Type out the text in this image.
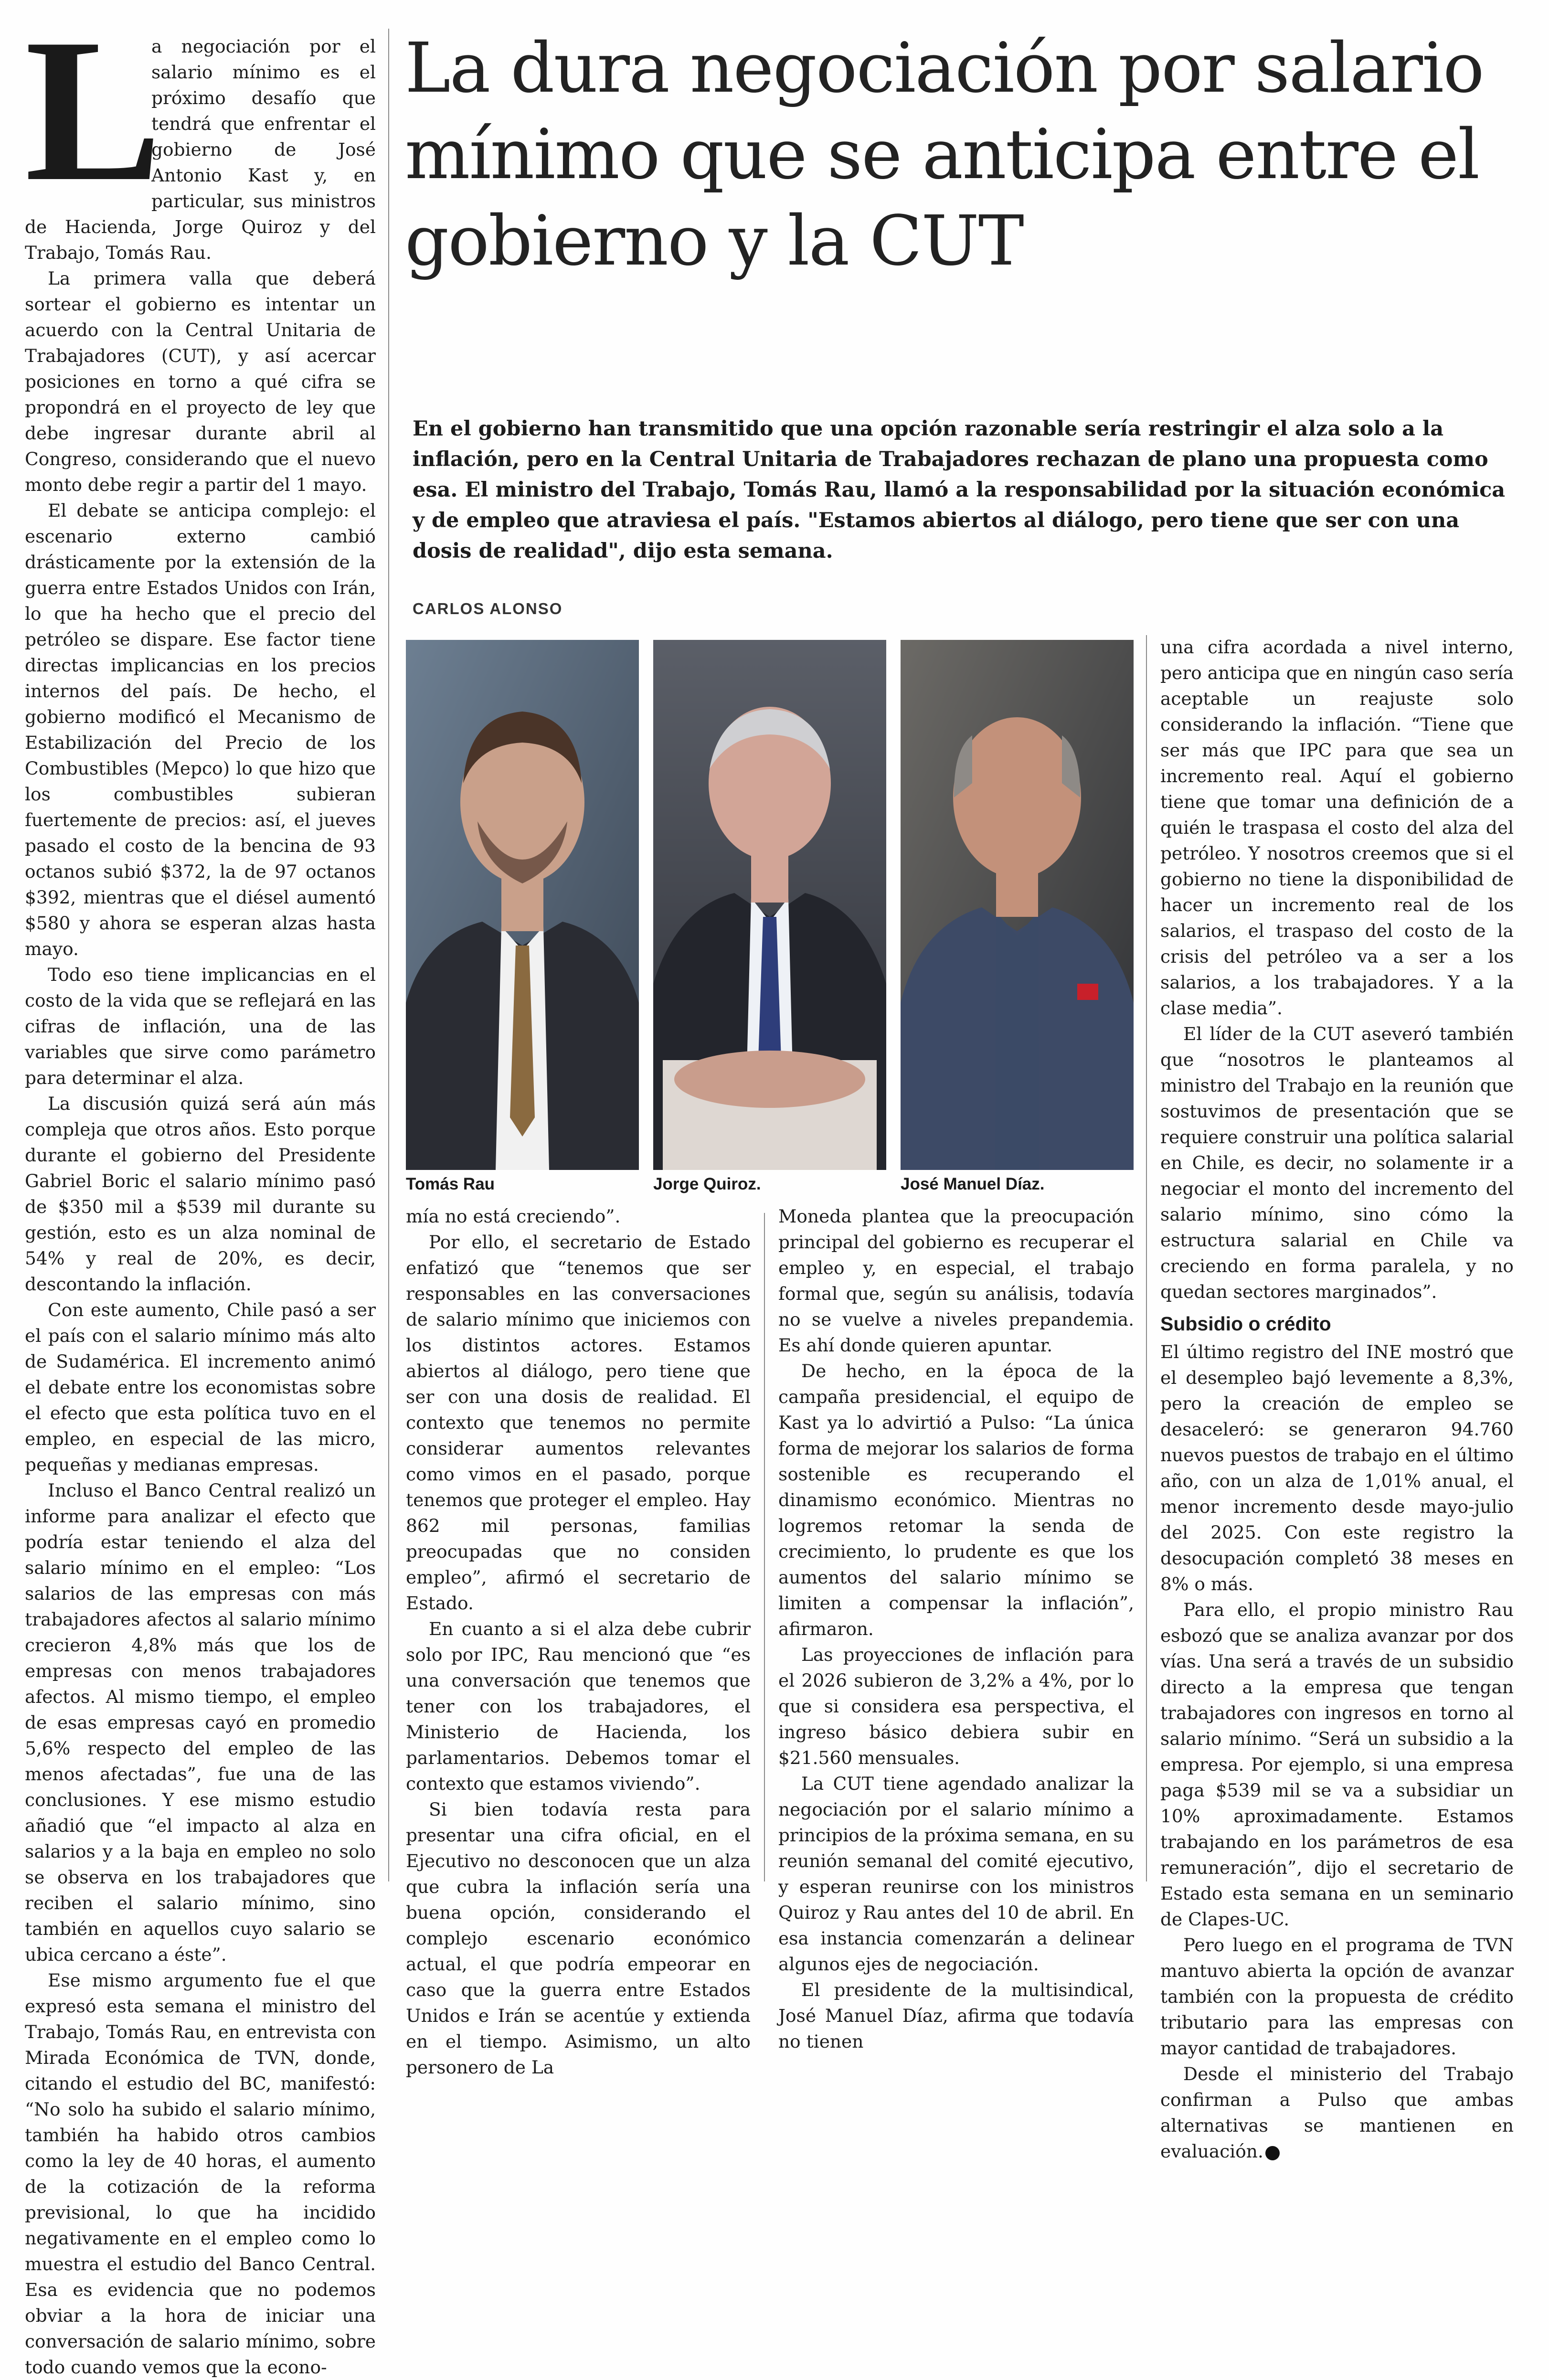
L

a negociación por el salario mínimo es el próximo desafío que tendrá que enfrentar el gobierno de José Antonio Kast y, en particular, sus ministros de Hacienda, Jorge Quiroz y del Trabajo, Tomás Rau.

La primera valla que deberá sortear el gobierno es intentar un acuerdo con la Central Unitaria de Trabajadores (CUT), y así acercar posiciones en torno a qué cifra se propondrá en el proyecto de ley que debe ingresar durante abril al Congreso, considerando que el nuevo monto debe regir a partir del 1 mayo.

El debate se anticipa complejo: el escenario externo cambió drásticamente por la extensión de la guerra entre Estados Unidos con Irán, lo que ha hecho que el precio del petróleo se dispare. Ese factor tiene directas implicancias en los precios internos del país. De hecho, el gobierno modificó el Mecanismo de Estabilización del Precio de los Combustibles (Mepco) lo que hizo que los combustibles subieran fuertemente de precios: así, el jueves pasado el costo de la bencina de 93 octanos subió $372, la de 97 octanos $392, mientras que el diésel aumentó $580 y ahora se esperan alzas hasta mayo.

Todo eso tiene implicancias en el costo de la vida que se reflejará en las cifras de inflación, una de las variables que sirve como parámetro para determinar el alza.

La discusión quizá será aún más compleja que otros años. Esto porque durante el gobierno del Presidente Gabriel Boric el salario mínimo pasó de $350 mil a $539 mil durante su gestión, esto es un alza nominal de 54% y real de 20%, es decir, descontando la inflación.

Con este aumento, Chile pasó a ser el país con el salario mínimo más alto de Sudamérica. El incremento animó el debate entre los economistas sobre el efecto que esta política tuvo en el empleo, en especial de las micro, pequeñas y medianas empresas.

Incluso el Banco Central realizó un informe para analizar el efecto que podría estar teniendo el alza del salario mínimo en el empleo: “Los salarios de las empresas con más trabajadores afectos al salario mínimo crecieron 4,8% más que los de empresas con menos trabajadores afectos. Al mismo tiempo, el empleo de esas empresas cayó en promedio 5,6% respecto del empleo de las menos afectadas”, fue una de las conclusiones. Y ese mismo estudio añadió que “el impacto al alza en salarios y a la baja en empleo no solo se observa en los trabajadores que reciben el salario mínimo, sino también en aquellos cuyo salario se ubica cercano a éste”.

Ese mismo argumento fue el que expresó esta semana el ministro del Trabajo, Tomás Rau, en entrevista con Mirada Económica de TVN, donde, citando el estudio del BC, manifestó: “No solo ha subido el salario mínimo, también ha habido otros cambios como la ley de 40 horas, el aumento de la cotización de la reforma previsional, lo que ha incidido negativamente en el empleo como lo muestra el estudio del Banco Central. Esa es evidencia que no podemos obviar a la hora de iniciar una conversación de salario mínimo, sobre todo cuando vemos que la econo-

La dura negociación por salario mínimo que se anticipa entre el gobierno y la CUT

En el gobierno han transmitido que una opción razonable sería restringir el alza solo a la inflación, pero en la Central Unitaria de Trabajadores rechazan de plano una propuesta como esa. El ministro del Trabajo, Tomás Rau, llamó a la responsabilidad por la situación económica y de empleo que atraviesa el país. "Estamos abiertos al diálogo, pero tiene que ser con una dosis de realidad", dijo esta semana.

CARLOS ALONSO
Tomás Rau	Jorge Quiroz.	José Manuel Díaz.

mía no está creciendo”.

Por ello, el secretario de Estado enfatizó que “tenemos que ser responsables en las conversaciones de salario mínimo que iniciemos con los distintos actores. Estamos abiertos al diálogo, pero tiene que ser con una dosis de realidad. El contexto que tenemos no permite considerar aumentos relevantes como vimos en el pasado, porque tenemos que proteger el empleo. Hay 862 mil personas, familias preocupadas que no considen empleo”, afirmó el secretario de Estado.

En cuanto a si el alza debe cubrir solo por IPC, Rau mencionó que “es una conversación que tenemos que tener con los trabajadores, el Ministerio de Hacienda, los parlamentarios. Debemos tomar el contexto que estamos viviendo”.

Si bien todavía resta para presentar una cifra oficial, en el Ejecutivo no desconocen que un alza que cubra la inflación sería una buena opción, considerando el complejo escenario económico actual, el que podría empeorar en caso que la guerra entre Estados Unidos e Irán se acentúe y extienda en el tiempo. Asimismo, un alto personero de La

Moneda plantea que la preocupación principal del gobierno es recuperar el empleo y, en especial, el trabajo formal que, según su análisis, todavía no se vuelve a niveles prepandemia. Es ahí donde quieren apuntar.

De hecho, en la época de la campaña presidencial, el equipo de Kast ya lo advirtió a Pulso: “La única forma de mejorar los salarios de forma sostenible es recuperando el dinamismo económico. Mientras no logremos retomar la senda de crecimiento, lo prudente es que los aumentos del salario mínimo se limiten a compensar la inflación”, afirmaron.

Las proyecciones de inflación para el 2026 subieron de 3,2% a 4%, por lo que si considera esa perspectiva, el ingreso básico debiera subir en $21.560 mensuales.

La CUT tiene agendado analizar la negociación por el salario mínimo a principios de la próxima semana, en su reunión semanal del comité ejecutivo, y esperan reunirse con los ministros Quiroz y Rau antes del 10 de abril. En esa instancia comenzarán a delinear algunos ejes de negociación.

El presidente de la multisindical, José Manuel Díaz, afirma que todavía no tienen

una cifra acordada a nivel interno, pero anticipa que en ningún caso sería aceptable un reajuste solo considerando la inflación. “Tiene que ser más que IPC para que sea un incremento real. Aquí el gobierno tiene que tomar una definición de a quién le traspasa el costo del alza del petróleo. Y nosotros creemos que si el gobierno no tiene la disponibilidad de hacer un incremento real de los salarios, el traspaso del costo de la crisis del petróleo va a ser a los salarios, a los trabajadores. Y a la clase media”.

El líder de la CUT aseveró también que “nosotros le planteamos al ministro del Trabajo en la reunión que sostuvimos de presentación que se requiere construir una política salarial en Chile, es decir, no solamente ir a negociar el monto del incremento del salario mínimo, sino cómo la estructura salarial en Chile va creciendo en forma paralela, y no quedan sectores marginados”.

Subsidio o crédito

El último registro del INE mostró que el desempleo bajó levemente a 8,3%, pero la creación de empleo se desaceleró: se generaron 94.760 nuevos puestos de trabajo en el último año, con un alza de 1,01% anual, el menor incremento desde mayo-julio del 2025. Con este registro la desocupación completó 38 meses en 8% o más.

Para ello, el propio ministro Rau esbozó que se analiza avanzar por dos vías. Una será a través de un subsidio directo a la empresa que tengan trabajadores con ingresos en torno al salario mínimo. “Será un subsidio a la empresa. Por ejemplo, si una empresa paga $539 mil se va a subsidiar un 10% aproximadamente. Estamos trabajando en los parámetros de esa remuneración”, dijo el secretario de Estado esta semana en un seminario de Clapes-UC.

Pero luego en el programa de TVN mantuvo abierta la opción de avanzar también con la propuesta de crédito tributario para las empresas con mayor cantidad de trabajadores.

Desde el ministerio del Trabajo confirman a Pulso que ambas alternativas se mantienen en evaluación. P
